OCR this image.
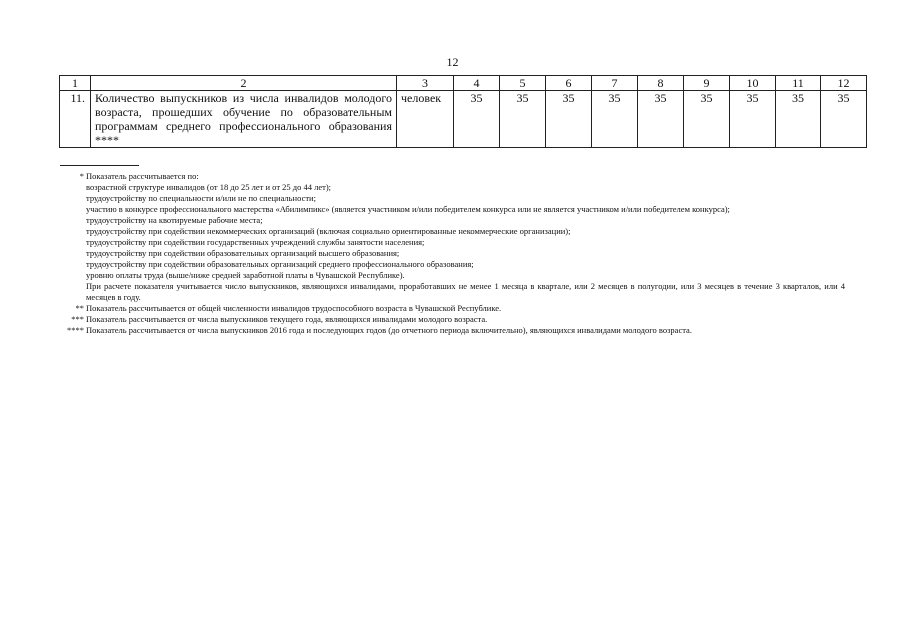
12
1	2	3	4	5	6	7	8	9	10	11	12
11.	Количество выпускников из числа инвалидов молодого возраста, прошедших обучение по образовательным программам среднего профессионального образования ****	человек	35	35	35	35	35	35	35	35	35

* Показатель рассчитывается по:

возрастной структуре инвалидов (от 18 до 25 лет и от 25 до 44 лет);

трудоустройству по специальности и/или не по специальности;

участию в конкурсе профессионального мастерства «Абилимпикс» (является участником и/или победителем конкурса или не является участником и/или победителем конкурса);

трудоустройству на квотируемые рабочие места;

трудоустройству при содействии некоммерческих организаций (включая социально ориентированные некоммерческие организации);

трудоустройству при содействии государственных учреждений службы занятости населения;

трудоустройству при содействии образовательных организаций высшего образования;

трудоустройству при содействии образовательных организаций среднего профессионального образования;

уровню оплаты труда (выше/ниже средней заработной платы в Чувашской Республике).

При расчете показателя учитывается число выпускников, являющихся инвалидами, проработавших не менее 1 месяца в квартале, или 2 месяцев в полугодии, или 3 месяцев в течение 3 кварталов, или 4 месяцев в году.

** Показатель рассчитывается от общей численности инвалидов трудоспособного возраста в Чувашской Республике.

*** Показатель рассчитывается от числа выпускников текущего года, являющихся инвалидами молодого возраста.

**** Показатель рассчитывается от числа выпускников 2016 года и последующих годов (до отчетного периода включительно), являющихся инвалидами молодого возраста.
